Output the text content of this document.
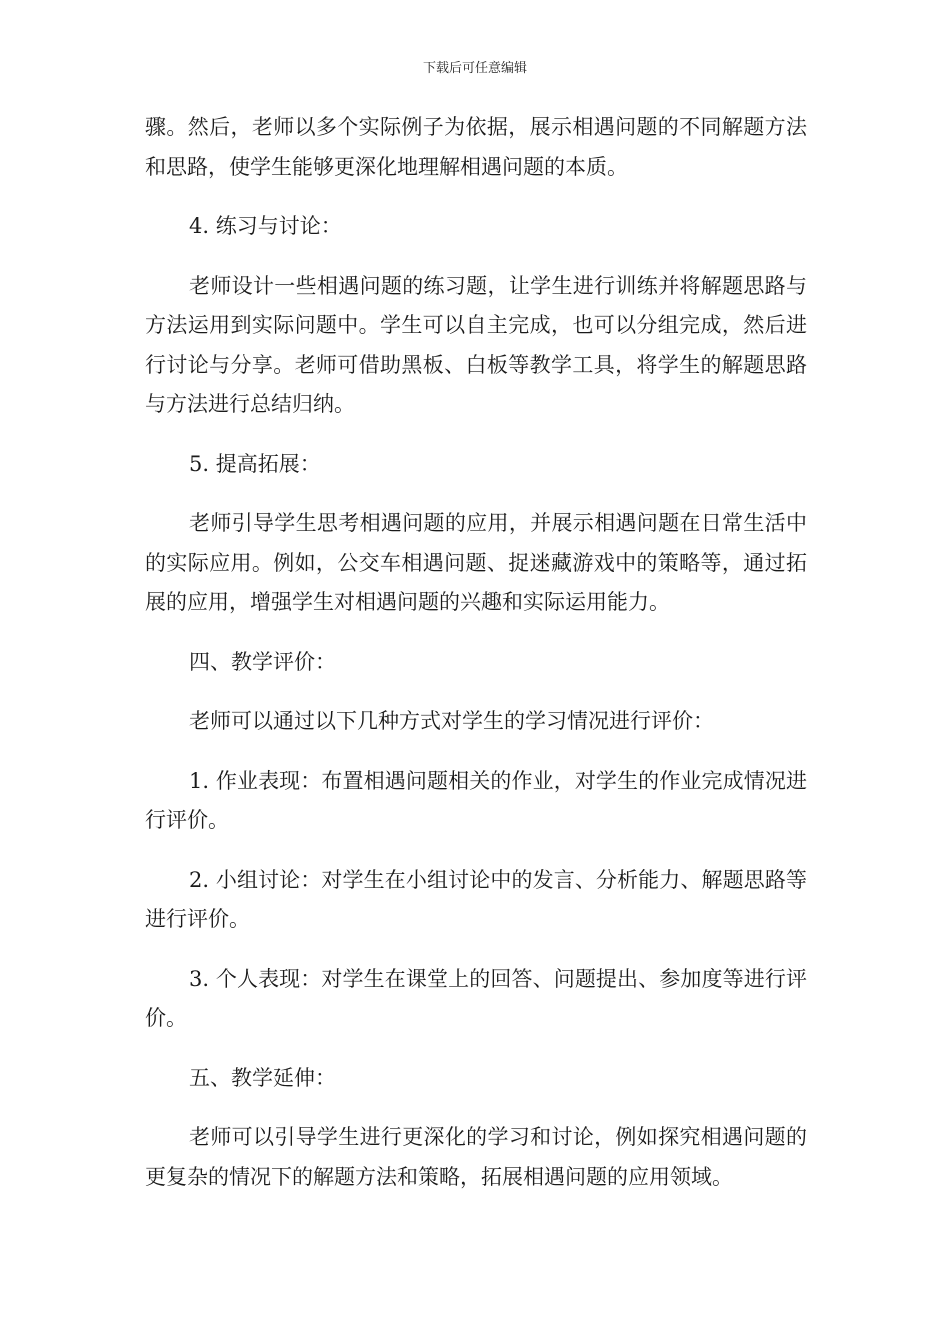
下载后可任意编辑

骤。然后，老师以多个实际例子为依据，展示相遇问题的不同解题方法和思路，使学生能够更深化地理解相遇问题的本质。

4. 练习与讨论：

老师设计一些相遇问题的练习题，让学生进行训练并将解题思路与方法运用到实际问题中。学生可以自主完成，也可以分组完成，然后进行讨论与分享。老师可借助黑板、白板等教学工具，将学生的解题思路与方法进行总结归纳。

5. 提高拓展：

老师引导学生思考相遇问题的应用，并展示相遇问题在日常生活中的实际应用。例如，公交车相遇问题、捉迷藏游戏中的策略等，通过拓展的应用，增强学生对相遇问题的兴趣和实际运用能力。

四、教学评价：

老师可以通过以下几种方式对学生的学习情况进行评价：

1. 作业表现：布置相遇问题相关的作业，对学生的作业完成情况进行评价。

2. 小组讨论：对学生在小组讨论中的发言、分析能力、解题思路等进行评价。

3. 个人表现：对学生在课堂上的回答、问题提出、参加度等进行评价。

五、教学延伸：

老师可以引导学生进行更深化的学习和讨论，例如探究相遇问题的更复杂的情况下的解题方法和策略，拓展相遇问题的应用领域。
